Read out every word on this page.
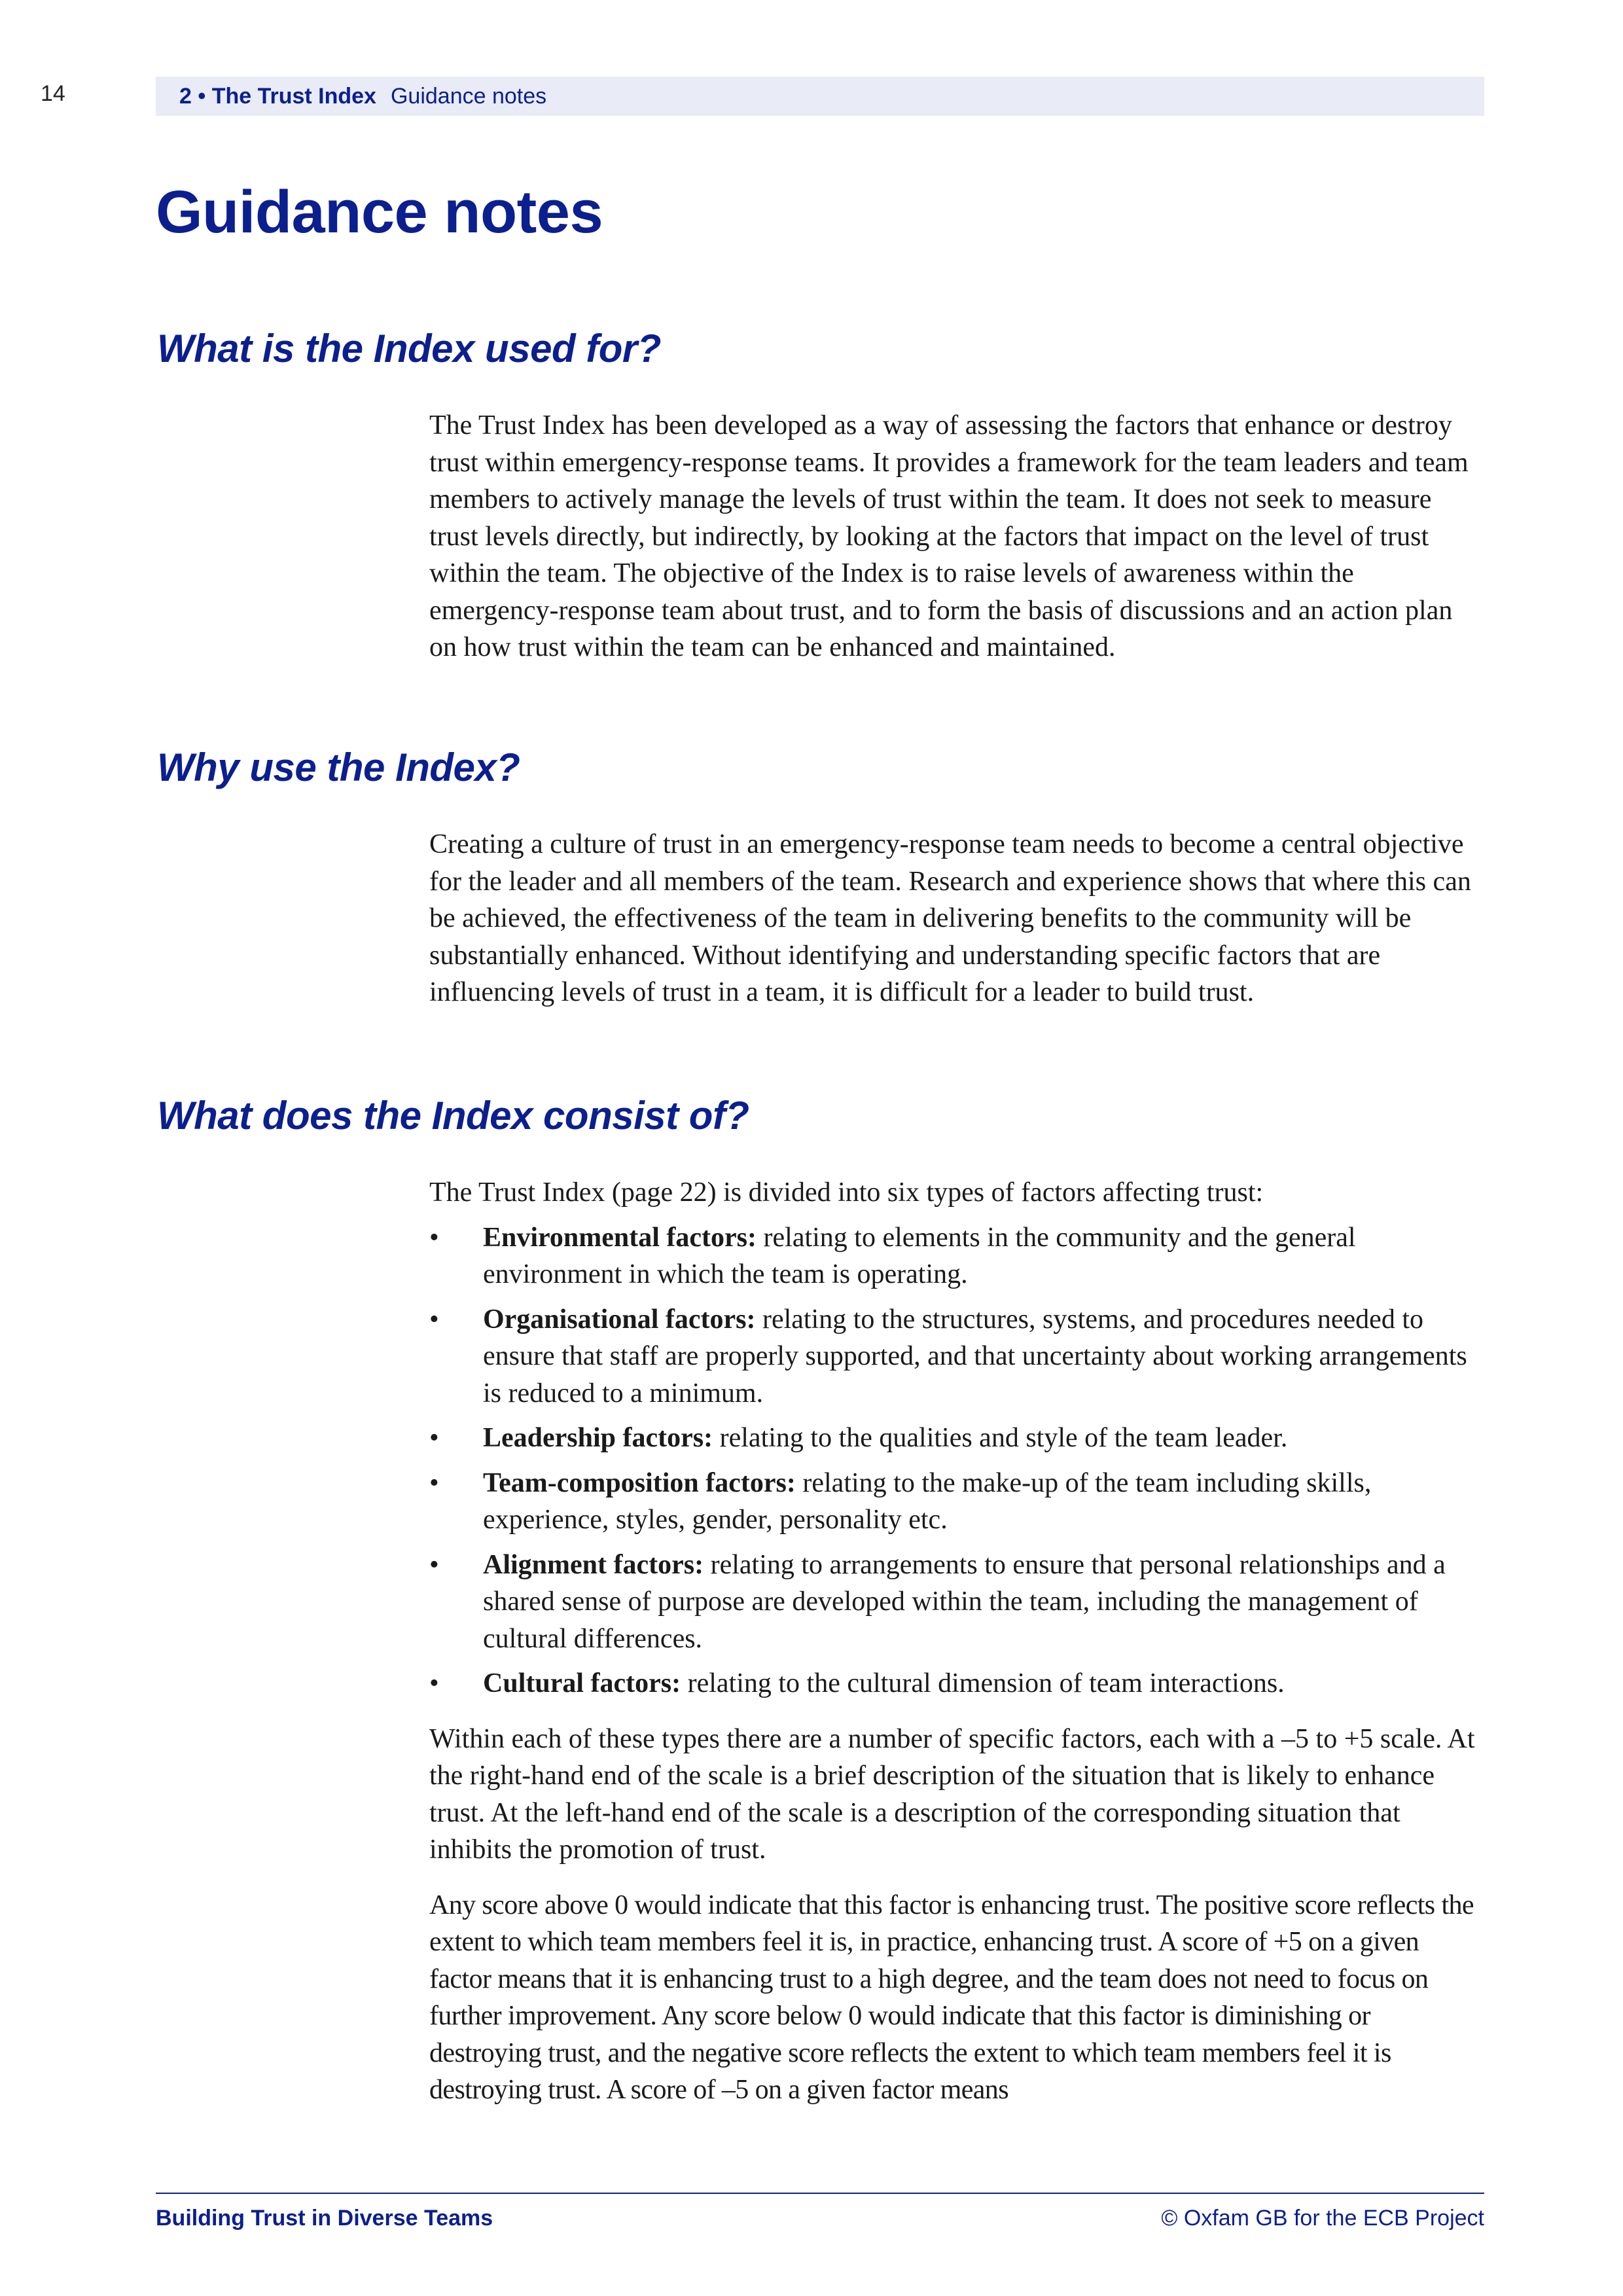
14	2 • The Trust Index Guidance notes
Guidance notes
What is the Index used for?

The Trust Index has been developed as a way of assessing the factors that enhance or destroy trust within emergency-response teams. It provides a framework for the team leaders and team members to actively manage the levels of trust within the team. It does not seek to measure trust levels directly, but indirectly, by looking at the factors that impact on the level of trust within the team. The objective of the Index is to raise levels of awareness within the emergency-response team about trust, and to form the basis of discussions and an action plan on how trust within the team can be enhanced and maintained.

Why use the Index?

Creating a culture of trust in an emergency-response team needs to become a central objective for the leader and all members of the team. Research and experience shows that where this can be achieved, the effectiveness of the team in delivering benefits to the community will be substantially enhanced. Without identifying and understanding specific factors that are influencing levels of trust in a team, it is difficult for a leader to build trust.

What does the Index consist of?

The Trust Index (page 22) is divided into six types of factors affecting trust:

• Environmental factors: relating to elements in the community and the general environment in which the team is operating.
• Organisational factors: relating to the structures, systems, and procedures needed to ensure that staff are properly supported, and that uncertainty about working arrangements is reduced to a minimum.
• Leadership factors: relating to the qualities and style of the team leader.
• Team-composition factors: relating to the make-up of the team including skills, experience, styles, gender, personality etc.
• Alignment factors: relating to arrangements to ensure that personal relationships and a shared sense of purpose are developed within the team, including the management of cultural differences.
• Cultural factors: relating to the cultural dimension of team interactions.

Within each of these types there are a number of specific factors, each with a –5 to +5 scale. At the right-hand end of the scale is a brief description of the situation that is likely to enhance trust. At the left-hand end of the scale is a description of the corresponding situation that inhibits the promotion of trust.

Any score above 0 would indicate that this factor is enhancing trust. The positive score reflects the extent to which team members feel it is, in practice, enhancing trust. A score of +5 on a given factor means that it is enhancing trust to a high degree, and the team does not need to focus on further improvement. Any score below 0 would indicate that this factor is diminishing or destroying trust, and the negative score reflects the extent to which team members feel it is destroying trust. A score of –5 on a given factor means

Building Trust in Diverse Teams	© Oxfam GB for the ECB Project
